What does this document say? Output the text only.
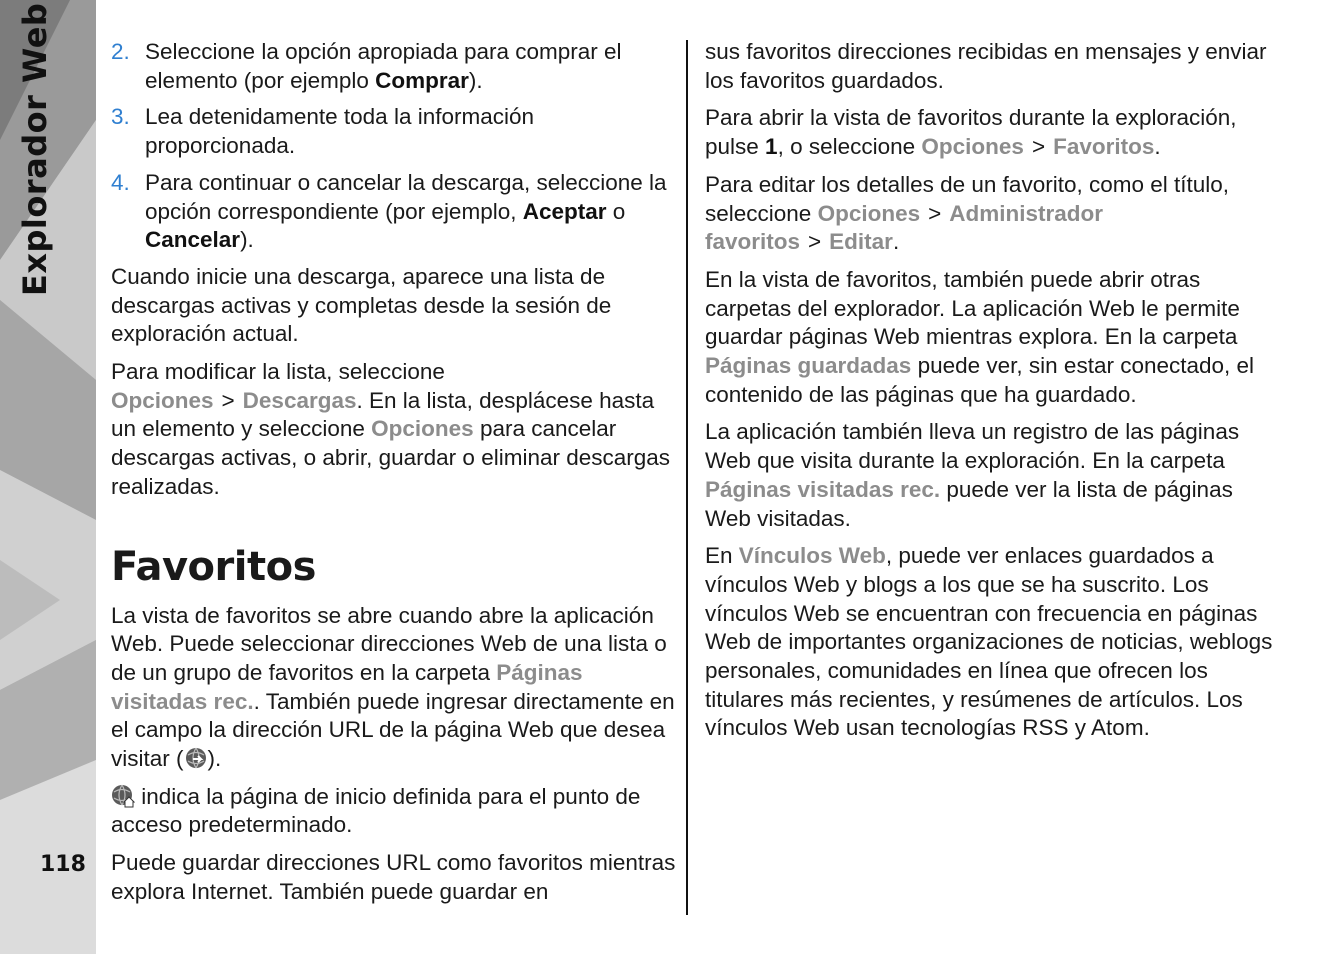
Explorador Web
118
2. Seleccione la opción apropiada para comprar el elemento (por ejemplo Comprar).
3. Lea detenidamente toda la información proporcionada.
4. Para continuar o cancelar la descarga, seleccione la opción correspondiente (por ejemplo, Aceptar o Cancelar).

Cuando inicie una descarga, aparece una lista de descargas activas y completas desde la sesión de exploración actual.

Para modificar la lista, seleccione Opciones > Descargas. En la lista, desplácese hasta un elemento y seleccione Opciones para cancelar descargas activas, o abrir, guardar o eliminar descargas realizadas.

Favoritos

La vista de favoritos se abre cuando abre la aplicación Web. Puede seleccionar direcciones Web de una lista o de un grupo de favoritos en la carpeta Páginas visitadas rec.. También puede ingresar directamente en el campo la dirección URL de la página Web que desea visitar ( ).

indica la página de inicio definida para el punto de acceso predeterminado.

Puede guardar direcciones URL como favoritos mientras explora Internet. También puede guardar en

sus favoritos direcciones recibidas en mensajes y enviar los favoritos guardados.

Para abrir la vista de favoritos durante la exploración, pulse 1, o seleccione Opciones > Favoritos.

Para editar los detalles de un favorito, como el título, seleccione Opciones > Administrador favoritos > Editar.

En la vista de favoritos, también puede abrir otras carpetas del explorador. La aplicación Web le permite guardar páginas Web mientras explora. En la carpeta Páginas guardadas puede ver, sin estar conectado, el contenido de las páginas que ha guardado.

La aplicación también lleva un registro de las páginas Web que visita durante la exploración. En la carpeta Páginas visitadas rec. puede ver la lista de páginas Web visitadas.

En Vínculos Web, puede ver enlaces guardados a vínculos Web y blogs a los que se ha suscrito. Los vínculos Web se encuentran con frecuencia en páginas Web de importantes organizaciones de noticias, weblogs personales, comunidades en línea que ofrecen los titulares más recientes, y resúmenes de artículos. Los vínculos Web usan tecnologías RSS y Atom.
